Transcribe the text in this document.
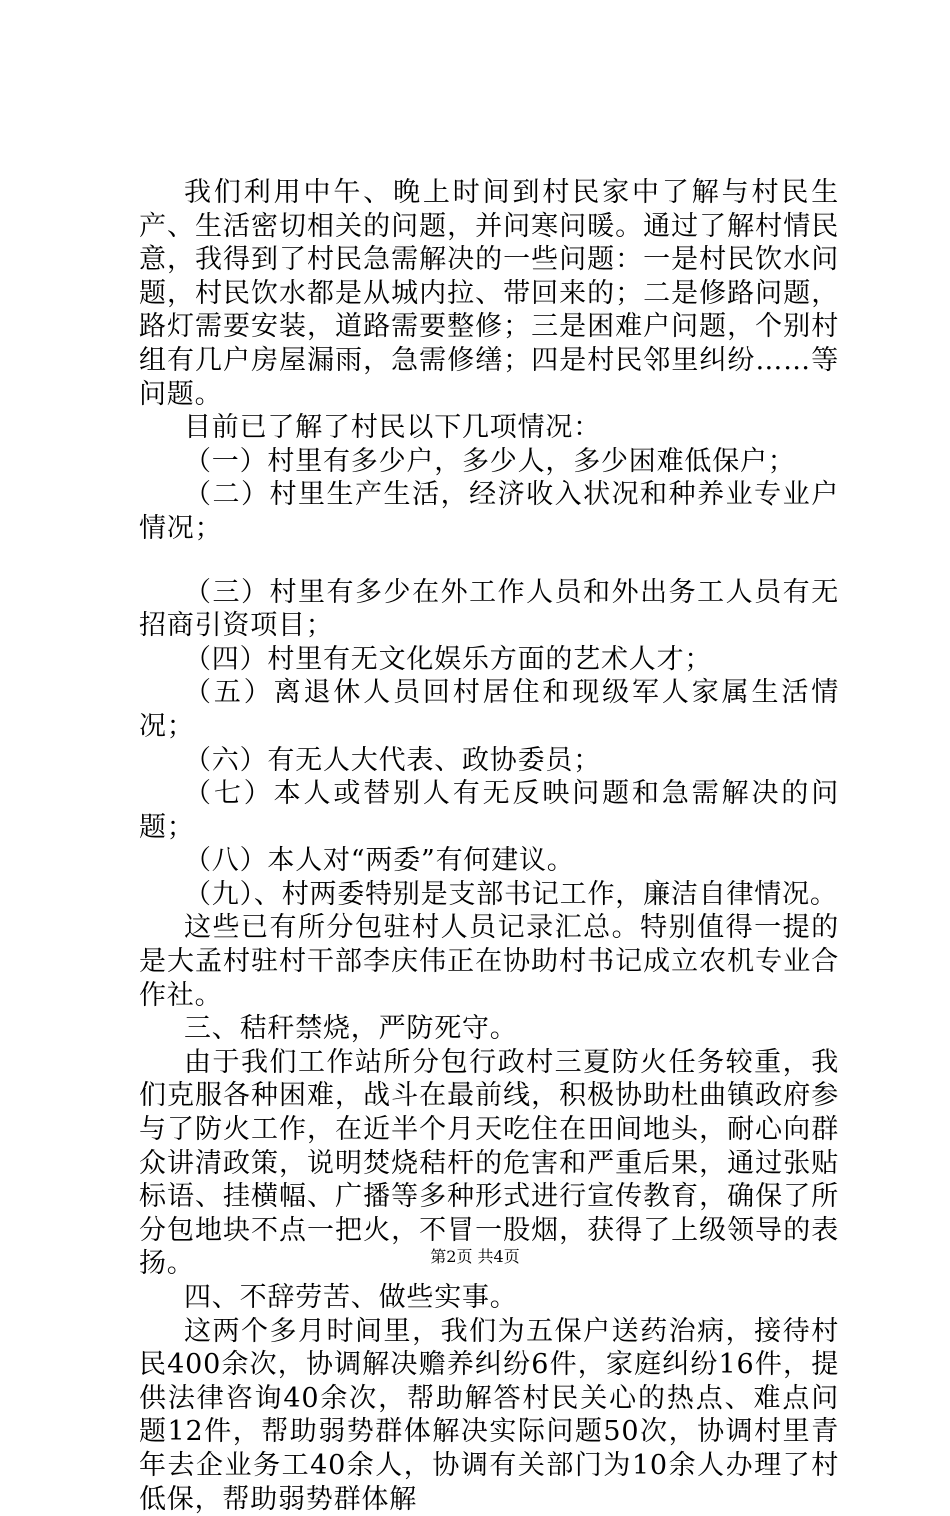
我们利用中午、晚上时间到村民家中了解与村民生产、生活密切相关的问题，并问寒问暖。通过了解村情民意，我得到了村民急需解决的一些问题：一是村民饮水问题，村民饮水都是从城内拉、带回来的；二是修路问题，路灯需要安装，道路需要整修；三是困难户问题，个别村组有几户房屋漏雨，急需修缮；四是村民邻里纠纷……等问题。

目前已了解了村民以下几项情况：

（一）村里有多少户，多少人，多少困难低保户；

（二）村里生产生活，经济收入状况和种养业专业户情况；

（三）村里有多少在外工作人员和外出务工人员有无招商引资项目；

（四）村里有无文化娱乐方面的艺术人才；

（五）离退休人员回村居住和现级军人家属生活情况；

（六）有无人大代表、政协委员；

（七）本人或替别人有无反映问题和急需解决的问题；

（八）本人对“两委”有何建议。

（九）、村两委特别是支部书记工作，廉洁自律情况。

这些已有所分包驻村人员记录汇总。特别值得一提的是大孟村驻村干部李庆伟正在协助村书记成立农机专业合作社。

三、秸秆禁烧，严防死守。

由于我们工作站所分包行政村三夏防火任务较重，我们克服各种困难，战斗在最前线，积极协助杜曲镇政府参与了防火工作，在近半个月天吃住在田间地头，耐心向群众讲清政策，说明焚烧秸杆的危害和严重后果，通过张贴标语、挂横幅、广播等多种形式进行宣传教育，确保了所分包地块不点一把火，不冒一股烟，获得了上级领导的表扬。

四、不辞劳苦、做些实事。

这两个多月时间里，我们为五保户送药治病，接待村民400余次，协调解决赡养纠纷6件，家庭纠纷16件，提供法律咨询40余次，帮助解答村民关心的热点、难点问题12件，帮助弱势群体解决实际问题50次，协调村里青年去企业务工40余人，协调有关部门为10余人办理了村低保，帮助弱势群体解

第2页 共4页
